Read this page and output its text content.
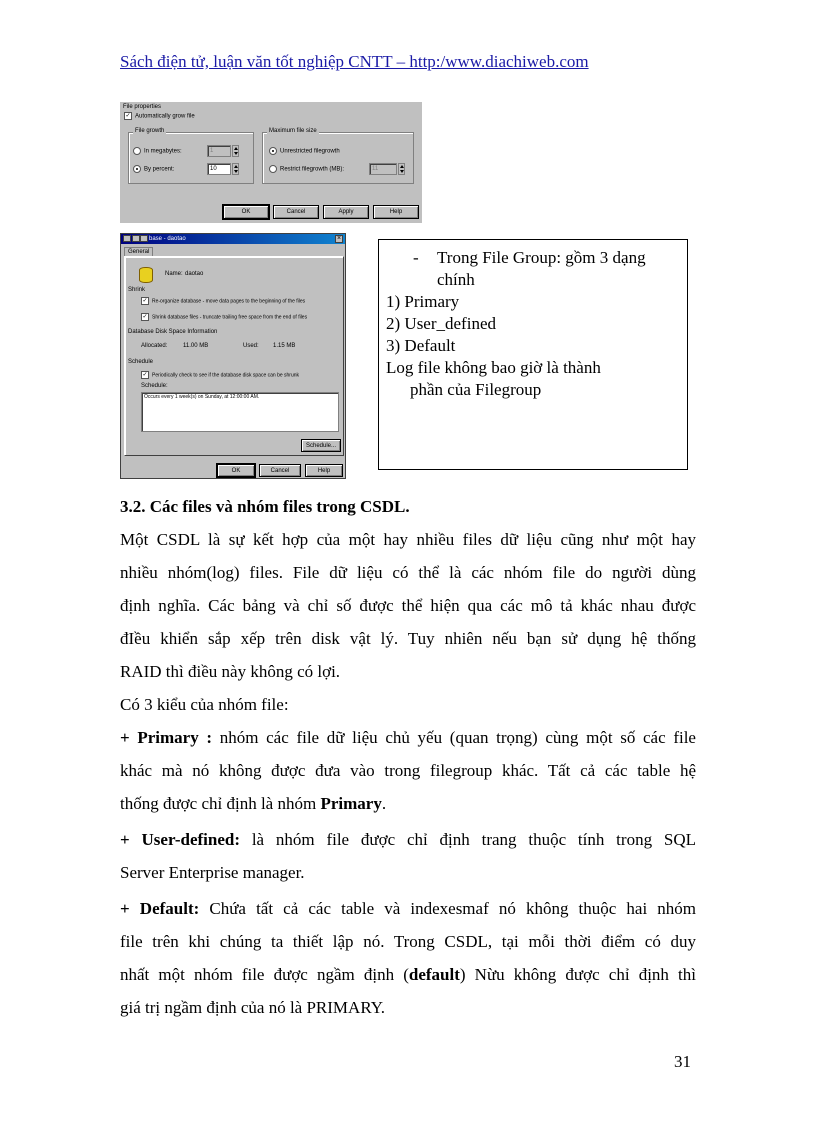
Sách điện tử, luận văn tốt nghiệp CNTT – http:/www.diachiweb.com
File properties
✓ Automatically grow file
File growth
In megabytes:	1
By percent:	10
Maximum file size
Unrestricted filegrowth
Restrict filegrowth (MB):	11
OK	Cancel	Apply	Help
base - daotao	×
General
Name: daotao
Shrink
✓ Re-organize database - move data pages to the beginning of the files
✓ Shrink database files - truncate trailing free space from the end of files
Database Disk Space Information
Allocated:	11.00 MB	Used: 1.15 MB
Schedule
✓ Periodically check to see if the database disk space can be shrunk
Schedule:
Occurs every 1 week(s) on Sunday, at 12:00:00 AM.
Schedule...
OK	Cancel	Help
- Trong File Group: gồm 3 dạng
chính
1) Primary
2) User_defined
3) Default
Log file không bao giờ là thành
phần của Filegroup
3.2. Các files và nhóm files trong CSDL.
Một CSDL là sự kết hợp của một hay nhiều files dữ liệu cũng như một hay
nhiều nhóm(log) files. File dữ liệu có thể là các nhóm file do người dùng
định nghĩa. Các bảng và chỉ số được thể hiện qua các mô tả khác nhau được
đIều khiển sắp xếp trên disk vật lý. Tuy nhiên nếu bạn sử dụng hệ thống
RAID thì điều này không có lợi.
Có 3 kiểu của nhóm file:
+ Primary : nhóm các file dữ liệu chủ yếu (quan trọng) cùng một số các file
khác mà nó không được đưa vào trong filegroup khác. Tất cả các table hệ
thống được chỉ định là nhóm Primary.
+ User-defined: là nhóm file được chỉ định trang thuộc tính trong SQL
Server Enterprise manager.
+ Default: Chứa tất cả các table và indexesmaf nó không thuộc hai nhóm
file trên khi chúng ta thiết lập nó. Trong CSDL, tại mỗi thời điểm có duy
nhất một nhóm file được ngầm định (default) Nừu không được chỉ định thì
giá trị ngầm định của nó là PRIMARY.
31
